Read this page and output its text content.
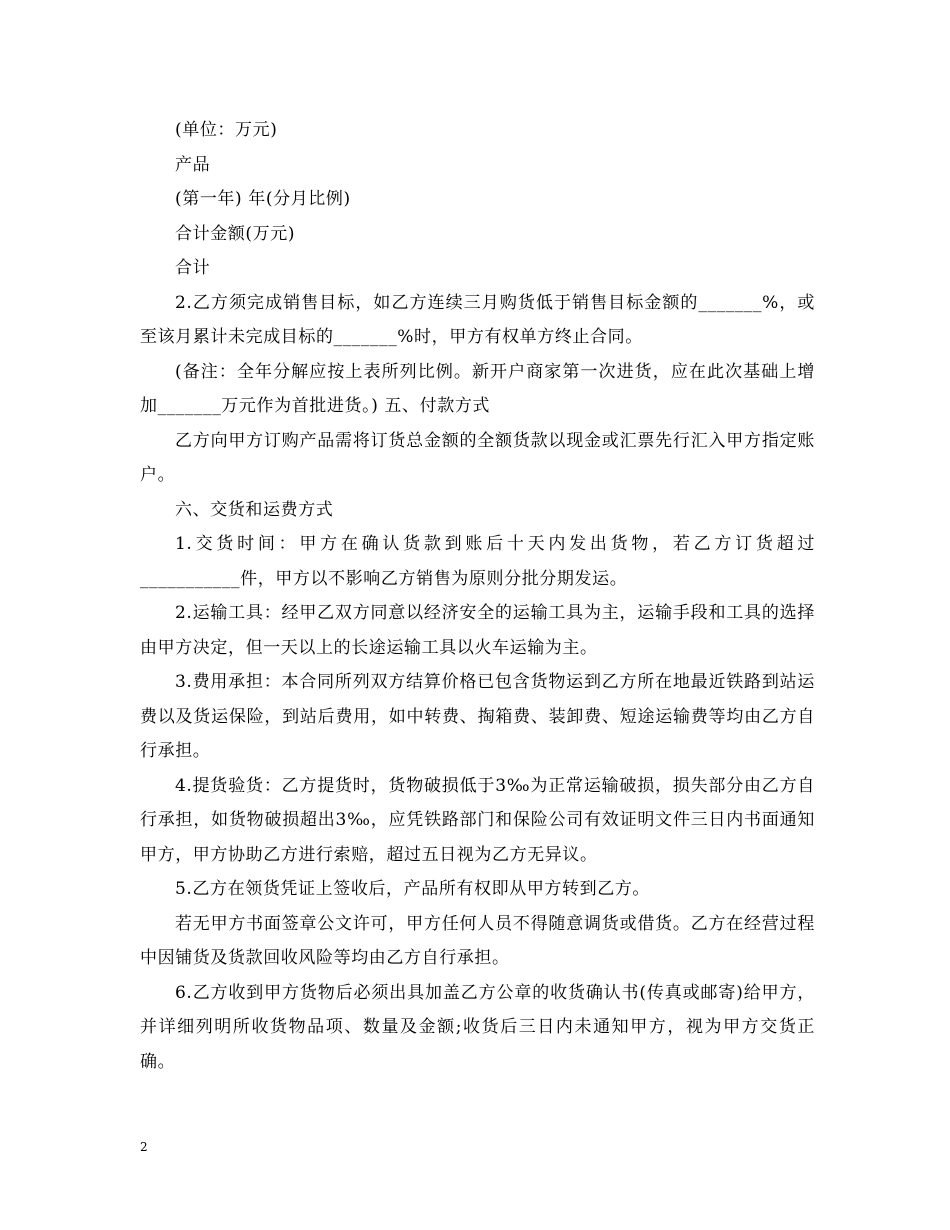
(单位：万元)

产品

(第一年) 年(分月比例)

合计金额(万元)

合计

2.乙方须完成销售目标，如乙方连续三月购货低于销售目标金额的_______%，或至该月累计未完成目标的_______%时，甲方有权单方终止合同。

(备注：全年分解应按上表所列比例。新开户商家第一次进货，应在此次基础上增加_______万元作为首批进货。) 五、付款方式

乙方向甲方订购产品需将订货总金额的全额货款以现金或汇票先行汇入甲方指定账户。

六、交货和运费方式

1.交货时间：甲方在确认货款到账后十天内发出货物，若乙方订货超过___________件，甲方以不影响乙方销售为原则分批分期发运。

2.运输工具：经甲乙双方同意以经济安全的运输工具为主，运输手段和工具的选择由甲方决定，但一天以上的长途运输工具以火车运输为主。

3.费用承担：本合同所列双方结算价格已包含货物运到乙方所在地最近铁路到站运费以及货运保险，到站后费用，如中转费、掏箱费、装卸费、短途运输费等均由乙方自行承担。

4.提货验货：乙方提货时，货物破损低于3‰为正常运输破损，损失部分由乙方自行承担，如货物破损超出3‰，应凭铁路部门和保险公司有效证明文件三日内书面通知甲方，甲方协助乙方进行索赔，超过五日视为乙方无异议。

5.乙方在领货凭证上签收后，产品所有权即从甲方转到乙方。

若无甲方书面签章公文许可，甲方任何人员不得随意调货或借货。乙方在经营过程中因铺货及货款回收风险等均由乙方自行承担。

6.乙方收到甲方货物后必须出具加盖乙方公章的收货确认书(传真或邮寄)给甲方，并详细列明所收货物品项、数量及金额;收货后三日内未通知甲方，视为甲方交货正确。

2
